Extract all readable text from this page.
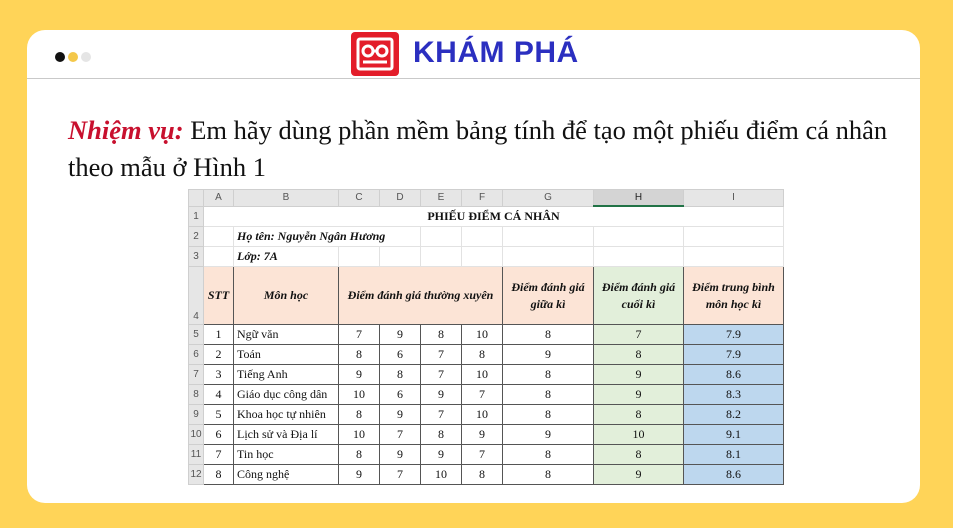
KHÁM PHÁ
Nhiệm vụ: Em hãy dùng phần mềm bảng tính để tạo một phiếu điểm cá nhân theo mẫu ở Hình 1
	A	B	C	D	E	F	G	H	I
1	PHIẾU ĐIỂM CÁ NHÂN								
2		Họ tên: Nguyễn Ngân Hương							
3		Lớp: 7A							
4	STT	Môn học	Điểm đánh giá thường xuyên				Điểm đánh giá giữa kì	Điểm đánh giá cuối kì	Điểm trung bình môn học kì
5	1	Ngữ văn	7	9	8	10	8	7	7.9
6	2	Toán	8	6	7	8	9	8	7.9
7	3	Tiếng Anh	9	8	7	10	8	9	8.6
8	4	Giáo dục công dân	10	6	9	7	8	9	8.3
9	5	Khoa học tự nhiên	8	9	7	10	8	8	8.2
10	6	Lịch sử và Địa lí	10	7	8	9	9	10	9.1
11	7	Tin học	8	9	9	7	8	8	8.1
12	8	Công nghệ	9	7	10	8	8	9	8.6
